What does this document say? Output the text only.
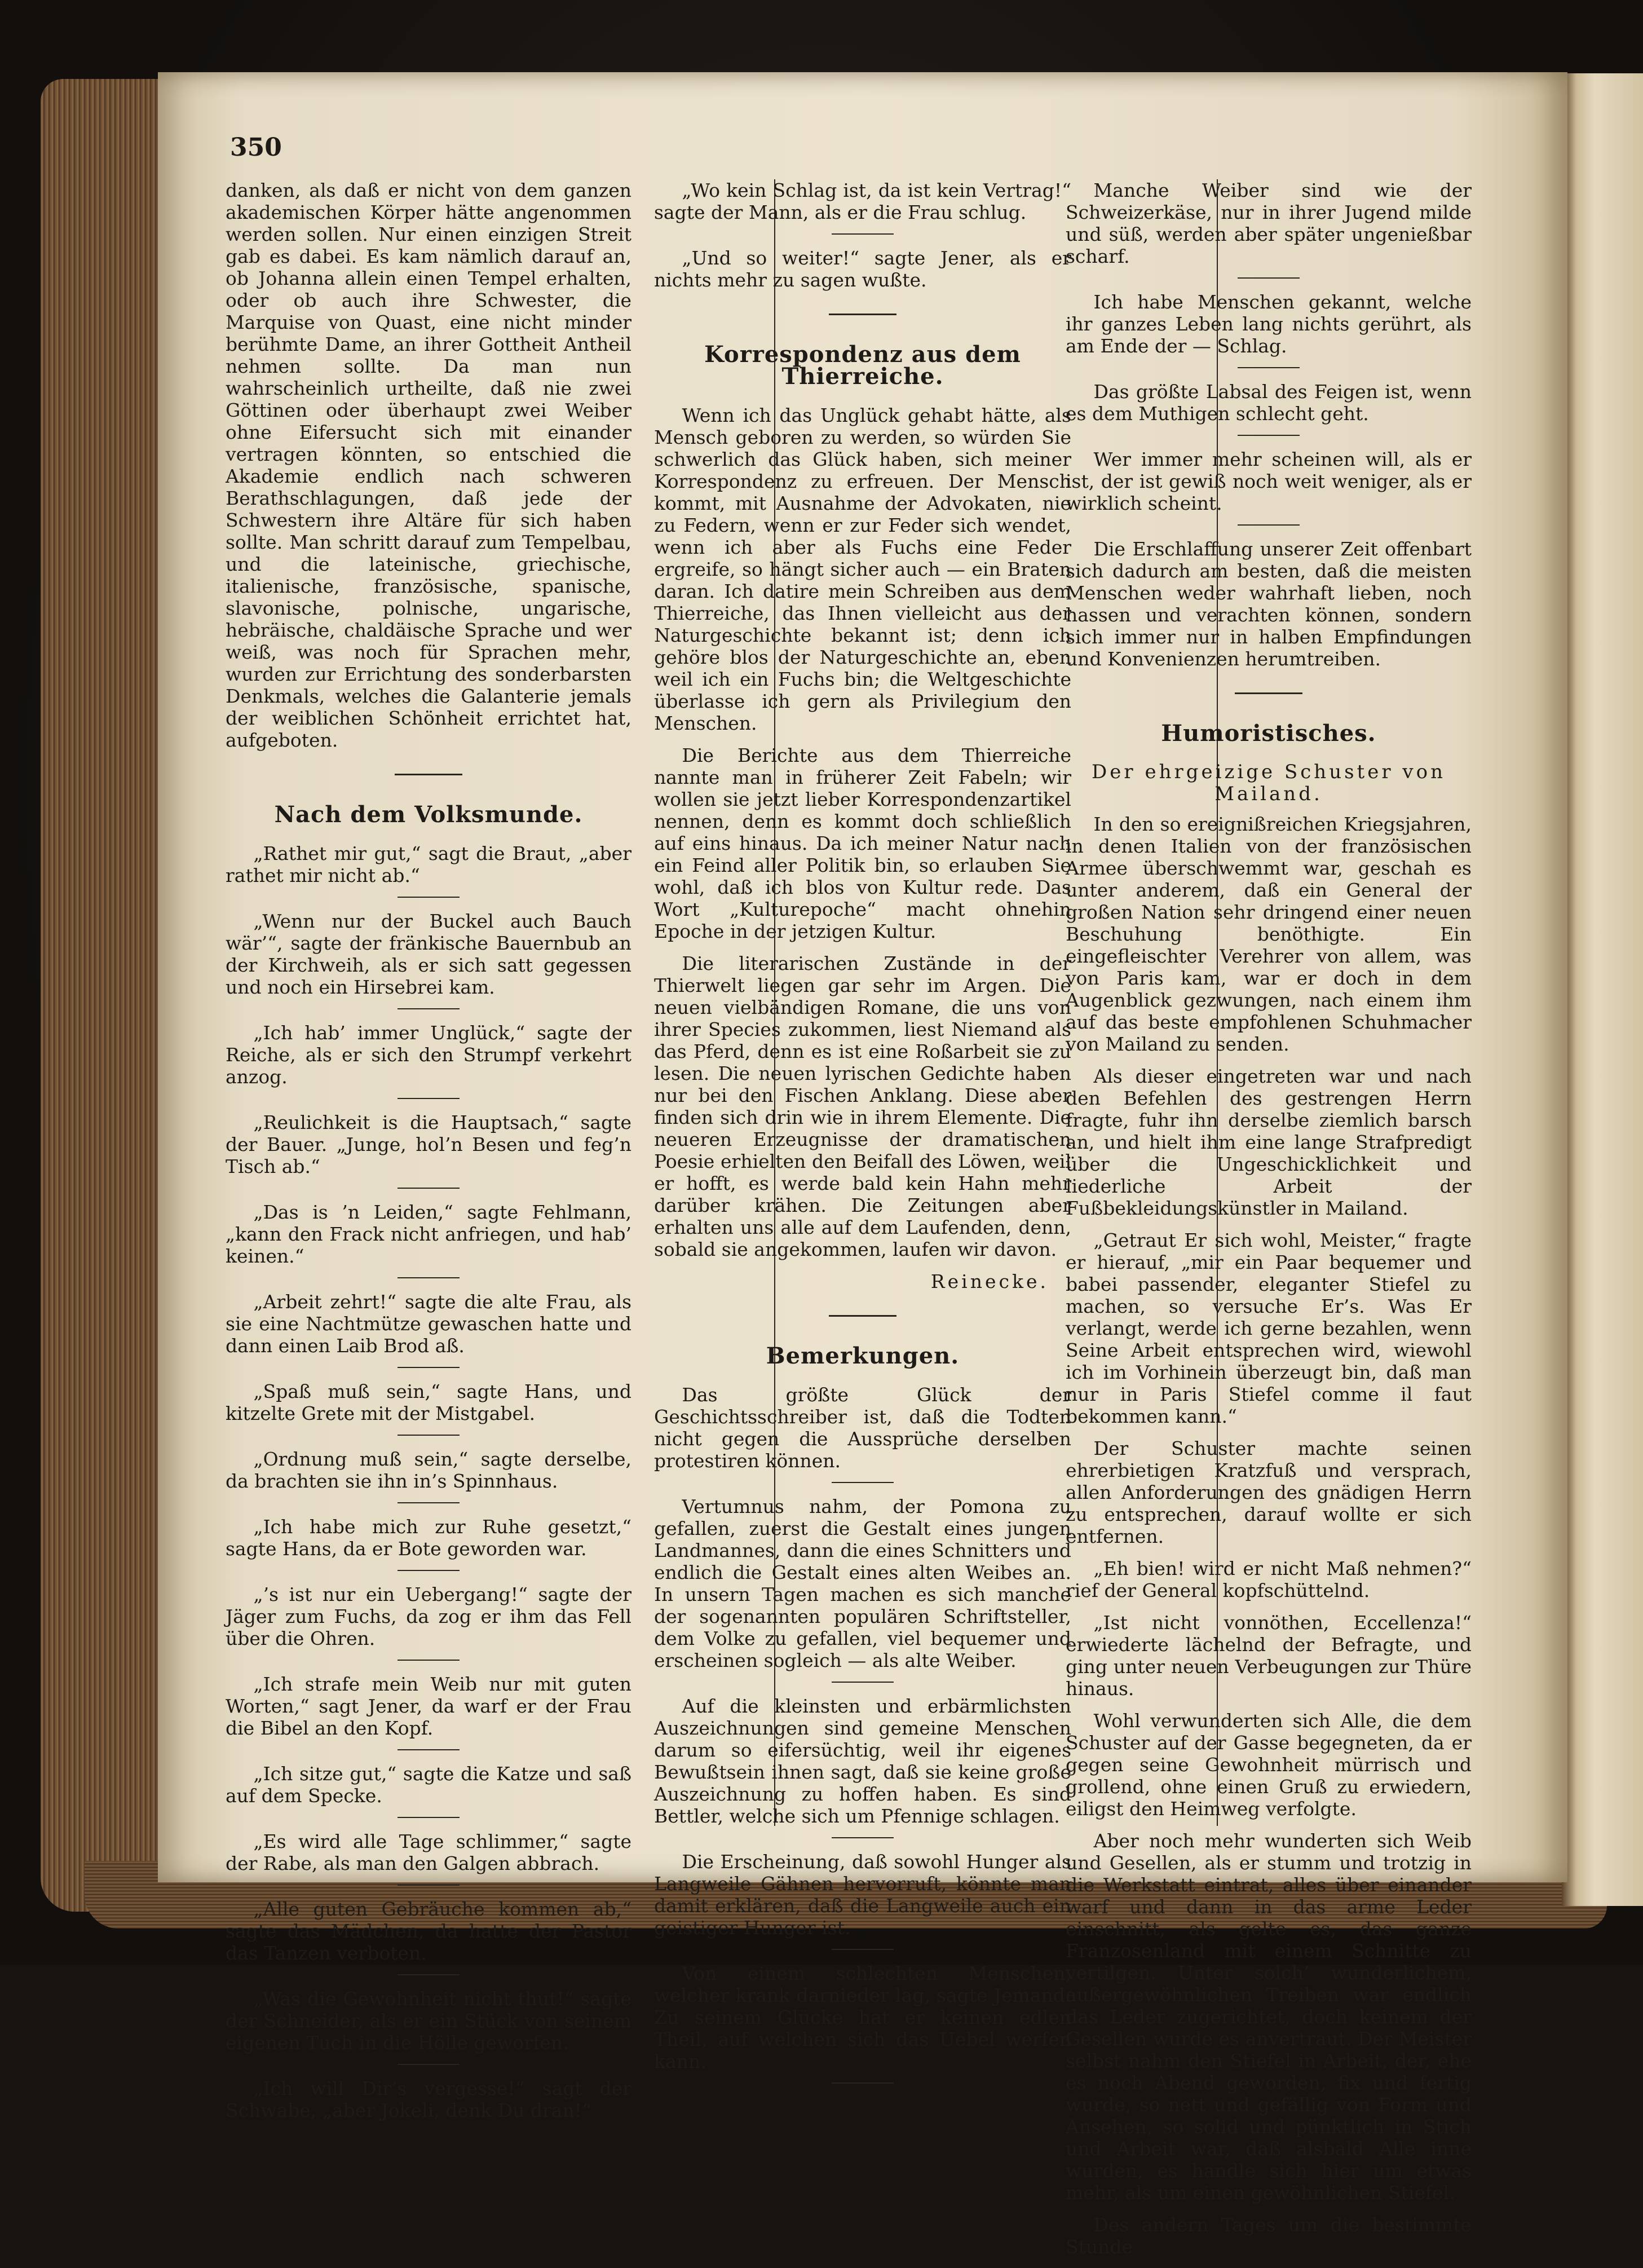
350

danken, als daß er nicht von dem ganzen akademischen Körper hätte angenommen werden sollen. Nur einen einzigen Streit gab es dabei. Es kam nämlich darauf an, ob Johanna allein einen Tempel erhalten, oder ob auch ihre Schwester, die Marquise von Quast, eine nicht minder berühmte Dame, an ihrer Gottheit Antheil nehmen sollte. Da man nun wahrscheinlich urtheilte, daß nie zwei Göttinen oder überhaupt zwei Weiber ohne Eifersucht sich mit einander vertragen könnten, so entschied die Akademie endlich nach schweren Berathschlagungen, daß jede der Schwestern ihre Altäre für sich haben sollte. Man schritt darauf zum Tempelbau, und die lateinische, griechische, italienische, französische, spanische, slavonische, polnische, ungarische, hebräische, chaldäische Sprache und wer weiß, was noch für Sprachen mehr, wurden zur Errichtung des sonderbarsten Denkmals, welches die Galanterie jemals der weiblichen Schönheit errichtet hat, aufgeboten.

Nach dem Volksmunde.

„Rathet mir gut,“ sagt die Braut, „aber rathet mir nicht ab.“

„Wenn nur der Buckel auch Bauch wär’“, sagte der fränkische Bauernbub an der Kirchweih, als er sich satt gegessen und noch ein Hirsebrei kam.

„Ich hab’ immer Unglück,“ sagte der Reiche, als er sich den Strumpf verkehrt anzog.

„Reulichkeit is die Hauptsach,“ sagte der Bauer. „Junge, hol’n Besen und feg’n Tisch ab.“

„Das is ’n Leiden,“ sagte Fehlmann, „kann den Frack nicht anfriegen, und hab’ keinen.“

„Arbeit zehrt!“ sagte die alte Frau, als sie eine Nachtmütze gewaschen hatte und dann einen Laib Brod aß.

„Spaß muß sein,“ sagte Hans, und kitzelte Grete mit der Mistgabel.

„Ordnung muß sein,“ sagte derselbe, da brachten sie ihn in’s Spinnhaus.

„Ich habe mich zur Ruhe gesetzt,“ sagte Hans, da er Bote geworden war.

„’s ist nur ein Uebergang!“ sagte der Jäger zum Fuchs, da zog er ihm das Fell über die Ohren.

„Ich strafe mein Weib nur mit guten Worten,“ sagt Jener, da warf er der Frau die Bibel an den Kopf.

„Ich sitze gut,“ sagte die Katze und saß auf dem Specke.

„Es wird alle Tage schlimmer,“ sagte der Rabe, als man den Galgen abbrach.

„Alle guten Gebräuche kommen ab,“ sagte das Mädchen, da hatte der Pastor das Tanzen verboten.

„Was die Gewohnheit nicht thut!“ sagte der Schneider, als er ein Stück von seinem eigenen Tuch in die Hölle geworfen.

„Ich will Dir’s vergesse!“ sagt der Schwabe, „aber Jokeli, denk Du dran!“

„Wo kein Schlag ist, da ist kein Vertrag!“ sagte der Mann, als er die Frau schlug.

„Und so weiter!“ sagte Jener, als er nichts mehr zu sagen wußte.

Korrespondenz aus dem Thierreiche.

Wenn ich das Unglück gehabt hätte, als Mensch geboren zu werden, so würden Sie schwerlich das Glück haben, sich meiner Korrespondenz zu erfreuen. Der Mensch kommt, mit Ausnahme der Advokaten, nie zu Federn, wenn er zur Feder sich wendet, wenn ich aber als Fuchs eine Feder ergreife, so hängt sicher auch — ein Braten daran. Ich datire mein Schreiben aus dem Thierreiche, das Ihnen vielleicht aus der Naturgeschichte bekannt ist; denn ich gehöre blos der Naturgeschichte an, eben weil ich ein Fuchs bin; die Weltgeschichte überlasse ich gern als Privilegium den Menschen.

Die Berichte aus dem Thierreiche nannte man in früherer Zeit Fabeln; wir wollen sie jetzt lieber Korrespondenzartikel nennen, denn es kommt doch schließlich auf eins hinaus. Da ich meiner Natur nach ein Feind aller Politik bin, so erlauben Sie wohl, daß ich blos von Kultur rede. Das Wort „Kulturepoche“ macht ohnehin Epoche in der jetzigen Kultur.

Die literarischen Zustände in der Thierwelt liegen gar sehr im Argen. Die neuen vielbändigen Romane, die uns von ihrer Species zukommen, liest Niemand als das Pferd, denn es ist eine Roßarbeit sie zu lesen. Die neuen lyrischen Gedichte haben nur bei den Fischen Anklang. Diese aber finden sich drin wie in ihrem Elemente. Die neueren Erzeugnisse der dramatischen Poesie erhielten den Beifall des Löwen, weil er hofft, es werde bald kein Hahn mehr darüber krähen. Die Zeitungen aber erhalten uns alle auf dem Laufenden, denn, sobald sie angekommen, laufen wir davon.

Reinecke.
Bemerkungen.

Das größte Glück der Geschichtsschreiber ist, daß die Todten nicht gegen die Aussprüche derselben protestiren können.

Vertumnus nahm, der Pomona zu gefallen, zuerst die Gestalt eines jungen Landmannes, dann die eines Schnitters und endlich die Gestalt eines alten Weibes an. In unsern Tagen machen es sich manche der sogenannten populären Schriftsteller, dem Volke zu gefallen, viel bequemer und erscheinen sogleich — als alte Weiber.

Auf die kleinsten und erbärmlichsten Auszeichnungen sind gemeine Menschen darum so eifersüchtig, weil ihr eigenes Bewußtsein ihnen sagt, daß sie keine große Auszeichnung zu hoffen haben. Es sind Bettler, welche sich um Pfennige schlagen.

Die Erscheinung, daß sowohl Hunger als Langweile Gähnen hervorruft, könnte man damit erklären, daß die Langweile auch ein geistiger Hunger ist.

Von einem schlechten Menschen, welcher krank darnieder lag, sagte Jemand: Zu seinem Glücke hat er keinen edlen Theil, auf welchen sich das Uebel werfen kann.

Manche Weiber sind wie der Schweizerkäse, nur in ihrer Jugend milde und süß, werden aber später ungenießbar scharf.

Ich habe Menschen gekannt, welche ihr ganzes Leben lang nichts gerührt, als am Ende der — Schlag.

Das größte Labsal des Feigen ist, wenn es dem Muthigen schlecht geht.

Wer immer mehr scheinen will, als er ist, der ist gewiß noch weit weniger, als er wirklich scheint.

Die Erschlaffung unserer Zeit offenbart sich dadurch am besten, daß die meisten Menschen weder wahrhaft lieben, noch hassen und verachten können, sondern sich immer nur in halben Empfindungen und Konvenienzen herumtreiben.

Humoristisches.
Der ehrgeizige Schuster von Mailand.

In den so ereignißreichen Kriegsjahren, in denen Italien von der französischen Armee überschwemmt war, geschah es unter anderem, daß ein General der großen Nation sehr dringend einer neuen Beschuhung benöthigte. Ein eingefleischter Verehrer von allem, was von Paris kam, war er doch in dem Augenblick gezwungen, nach einem ihm auf das beste empfohlenen Schuhmacher von Mailand zu senden.

Als dieser eingetreten war und nach den Befehlen des gestrengen Herrn fragte, fuhr ihn derselbe ziemlich barsch an, und hielt ihm eine lange Strafpredigt über die Ungeschicklichkeit und liederliche Arbeit der Fußbekleidungskünstler in Mailand.

„Getraut Er sich wohl, Meister,“ fragte er hierauf, „mir ein Paar bequemer und babei passender, eleganter Stiefel zu machen, so versuche Er’s. Was Er verlangt, werde ich gerne bezahlen, wenn Seine Arbeit entsprechen wird, wiewohl ich im Vorhinein überzeugt bin, daß man nur in Paris Stiefel comme il faut bekommen kann.“

Der Schuster machte seinen ehrerbietigen Kratzfuß und versprach, allen Anforderungen des gnädigen Herrn zu entsprechen, darauf wollte er sich entfernen.

„Eh bien! wird er nicht Maß nehmen?“ rief der General kopfschüttelnd.

„Ist nicht vonnöthen, Eccellenza!“ erwiederte lächelnd der Befragte, und ging unter neuen Verbeugungen zur Thüre hinaus.

Wohl verwunderten sich Alle, die dem Schuster auf der Gasse begegneten, da er gegen seine Gewohnheit mürrisch und grollend, ohne einen Gruß zu erwiedern, eiligst den Heimweg verfolgte.

Aber noch mehr wunderten sich Weib und Gesellen, als er stumm und trotzig in die Werkstatt eintrat, alles über einander warf und dann in das arme Leder einschnitt, als gelte es, das ganze Franzosenland mit einem Schnitte zu vertilgen. Unter solch’ wunderlichem, außergewöhnlichen Treiben war endlich das Leder zugerichtet, doch keinem der Gesellen wurde es anvertraut. Der Meister selbst nahm den Stiefel in Arbeit, der, ehe es noch Abend geworden, fix und fertig wurde, so nett und gefällig von Form und Ansehen, so solid und pünktlich in Stich und Arbeit war, daß alsbald Alle inne wurden, es handle sich hier um etwas mehr, als um einen gewöhnlichen Stiefel.

Des andern Tages um die bestimmte Stunde
